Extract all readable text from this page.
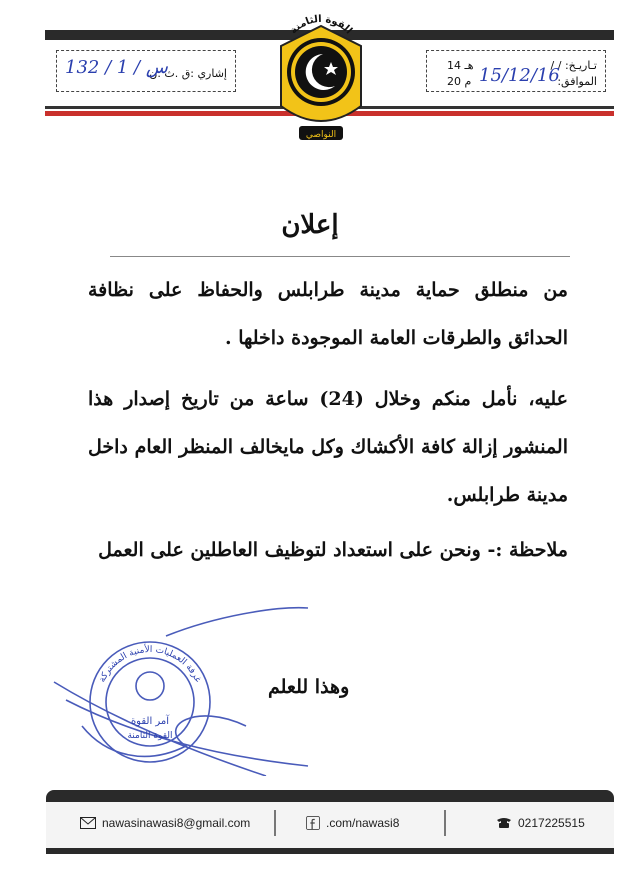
إشاري :ق .ث .ن
132 / س / 1	تـاريـخ: / /
الموافق:
14 هـ
20 م 15/12/16
القوة الثامنة
النواصي
إعلان
من منطلق حماية مدينة طرابلس والحفاظ على نظافة الحدائق والطرقات العامة الموجودة داخلها .
عليه، نأمل منكم وخلال (24) ساعة من تاريخ إصدار هذا المنشور إزالة كافة الأكشاك وكل مايخالف المنظر العام داخل مدينة طرابلس.
ملاحظة :- ونحن على استعداد لتوظيف العاطلين على العمل
وهذا للعلم
غرفة العمليات الأمنية المشتركة
آمر القوة
القوة الثامنة
nawasinawasi8@gmail.com	.com/nawasi8	0217225515
